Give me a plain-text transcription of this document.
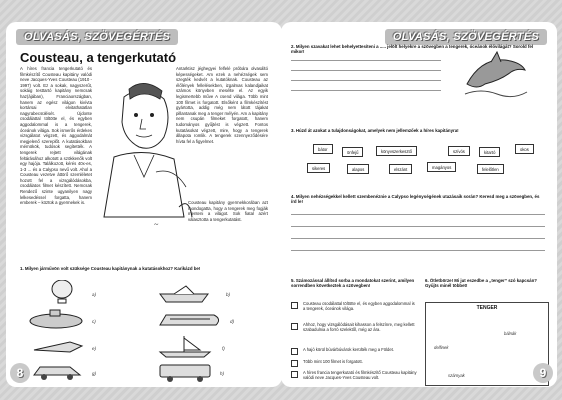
OLVASÁS, SZÖVEGÉRTÉS
Cousteau, a tengerkutató
A híres francia tengerkutató és filmkészítő Cousteau kapitány valódi neve Jacques-Yves Cousteau (1910 - 1997) volt. Ez a sokak, nagyszerűt, sokáig testtartó kapitány nemcsak haz(ájában), Franciaországban, hanem az egész világon kivívta kortársai elvitathatatlan nagyrabecsülését. Újdonte csodálattal töltötte el, és egyben aggodalommal is a tengerek, óceánok világa. Sok ismerős érdekes vizsgálatot végzett, és aggodalmát megjelenő szereplőt. A kutatásokban mérnökök, tudósok segítették. A tengerek rejtett világának feltárásához alkotott a szökkenők volt egy hajója. Találkozott, kérés 40x-es, 1-3 ... és a Calypso nevű volt. Ahol a Cousteau vezetve áttörő szemléletet hozott fel a vizsgálódásokba, csodálatos filmet készített. Nemcsak Rendező szinte ugyanilyen nagy lelkesedéssel forgatta, hanem emberek – köztük a gyermekek is.
Antarktisz jéghegyei felfelé próbára olvasáltó képességeket. Am ezek a nehézségek sem szegték kedvét a kutatóknak. Cousteau az élőlények fellelésekben, izgalmas kalandjaikat számos könyvben mesélte el. Az egyik legismertebb műve A csend világa. Több mint 100 filmet is forgatott. Elsőként a filmkészítést gyártotta, addig még nem látott tájakat pillantanak meg a tenger mélyén. Am a kapitány nem csupán filmeket forgatott, hanem tudományos gyűjtést is végzett. Fontos kutatásokat végzett, mire, hogy a tengerek állapota romlik. A tengerek szennyeződésére hívta fel a figyelmet.
Cousteau kapitány gyermekkorában azt mondogatta, hogy a tengerek meg fogják menteni a világot. Sok fiatal azért választotta a tengerkutatást.
~
1. Milyen járművön volt szüksége Cousteau kapitánynak a kutatásokhoz? Karikázd be!
a)	b)
c)	d)
e)	f)
g)	h)
8
OLVASÁS, SZÖVEGÉRTÉS
2. Milyen szavakat lehet behelyettesíteni a ..... jelölt helyekre a szövegben a tengerek, óceánok élővilágát? Sorold fel mikor!
3. Húzd át azokat a tulajdonságokat, amelyek nem jellemzőek a híres kapitányra!
bátor
önfejű	könyvszerkesztő	szívós	kitartó
okos
sikeres	alapos	elszánt	magányos	felelőtlen
4. Milyen nehézségekkel kellett szembenéznie a Calypso legénységének utazásaik során? Keresd meg a szövegben, és írd le!
5. Számozással állítsd sorba a mondatokat szerint, amilyen sorrendben következtek a szövegben!
Cousteau csodálattal töltötte el, és egyben aggodalommal is a tengerek, óceánok világa.
Ahhoz, hogy vizsgálódásait kihasson a felszínre, meg kellett szabadulnia a forró szelektől, még az ára.
A hajó körül búvárbúvárok kerülték meg a Földet.
Több mint 100 filmet is forgatott.
A híres francia tengerkutató és filmkészítő Cousteau kapitány valódi neve Jacques-Yves Cousteau volt.
6. Ötletbörze! Mi jut eszedbe a „tenger” szó kapcsán? Gyűjts minél többet!
TENGER
bálnák
delfinek
szárnyak	9
